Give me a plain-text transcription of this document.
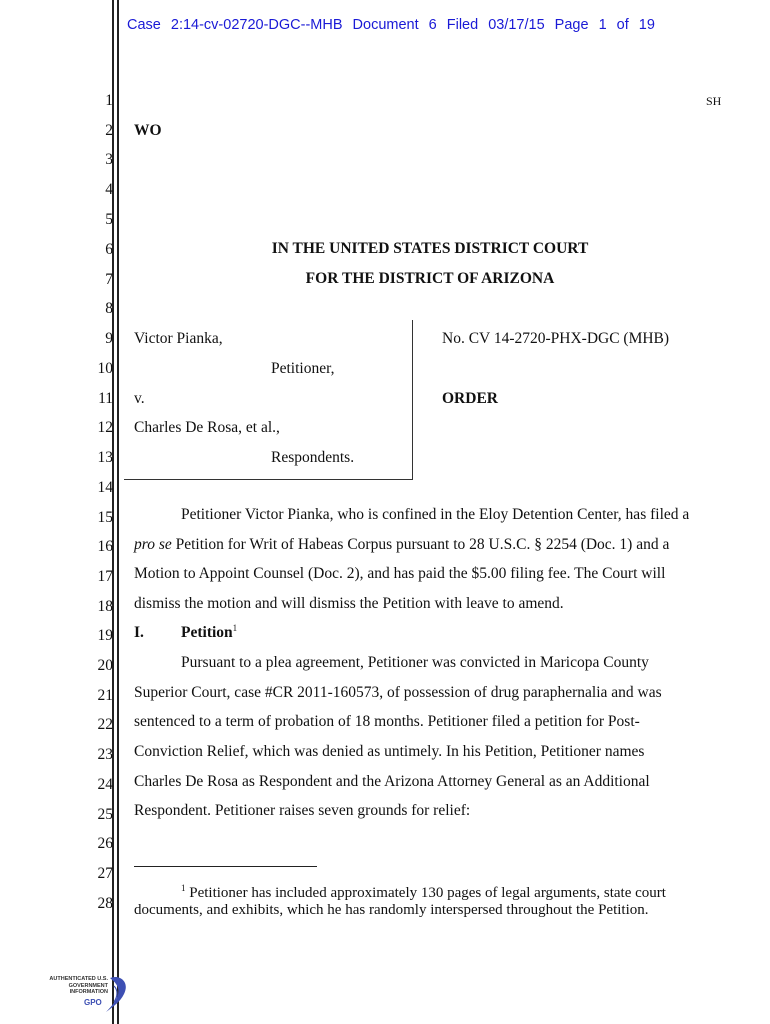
Case 2:14-cv-02720-DGC--MHB Document 6 Filed 03/17/15 Page 1 of 19
1
2
3
4
5
6
7
8
9
10
11
12
13
14
15
16
17
18
19
20
21
22
23
24
25
26
27
28
SH
WO
IN THE UNITED STATES DISTRICT COURT
FOR THE DISTRICT OF ARIZONA
Victor Pianka,
Petitioner,
v.
Charles De Rosa, et al.,
Respondents.
No. CV 14-2720-PHX-DGC (MHB)
ORDER
Petitioner Victor Pianka, who is confined in the Eloy Detention Center, has filed a
pro se Petition for Writ of Habeas Corpus pursuant to 28 U.S.C. § 2254 (Doc. 1) and a
Motion to Appoint Counsel (Doc. 2), and has paid the $5.00 filing fee. The Court will
dismiss the motion and will dismiss the Petition with leave to amend.
I. Petition$^1$
Pursuant to a plea agreement, Petitioner was convicted in Maricopa County
Superior Court, case #CR 2011-160573, of possession of drug paraphernalia and was
sentenced to a term of probation of 18 months. Petitioner filed a petition for Post-
Conviction Relief, which was denied as untimely. In his Petition, Petitioner names
Charles De Rosa as Respondent and the Arizona Attorney General as an Additional
Respondent. Petitioner raises seven grounds for relief:
$^1$ Petitioner has included approximately 130 pages of legal arguments, state court
documents, and exhibits, which he has randomly interspersed throughout the Petition.
AUTHENTICATED U.S. GOVERNMENT INFORMATION
GPO
